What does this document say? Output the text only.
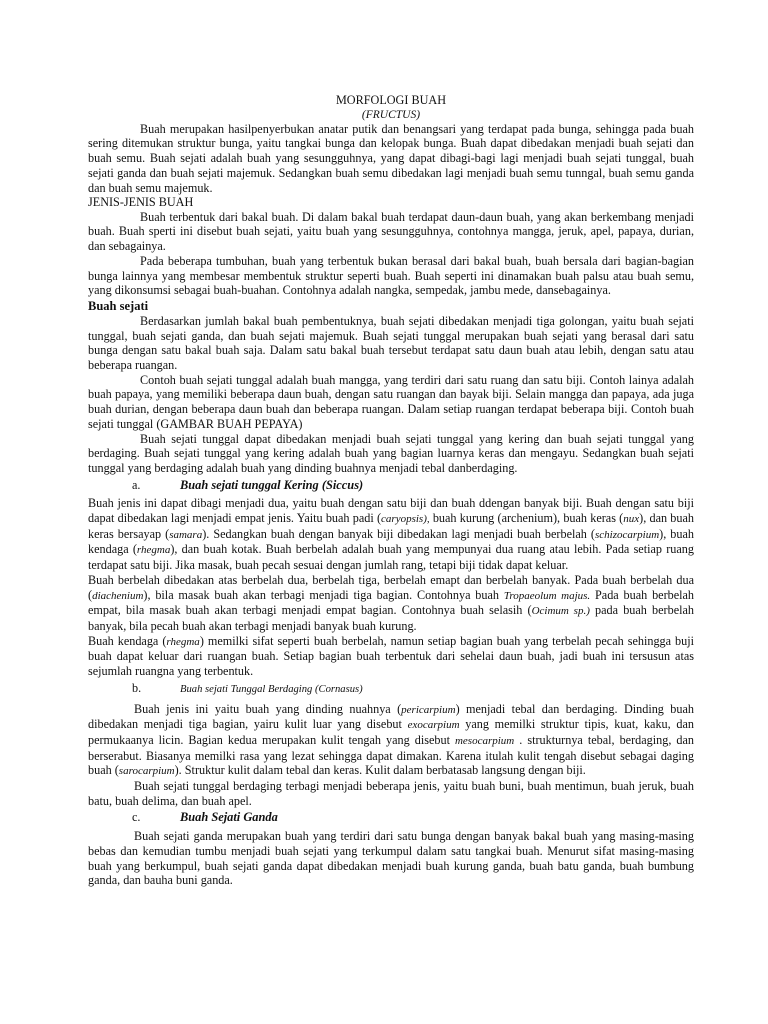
MORFOLOGI BUAH
(FRUCTUS)

Buah merupakan hasilpenyerbukan anatar putik dan benangsari yang terdapat pada bunga, sehingga pada buah sering ditemukan struktur bunga, yaitu tangkai bunga dan kelopak bunga. Buah dapat dibedakan menjadi buah sejati dan buah semu. Buah sejati adalah buah yang sesungguhnya, yang dapat dibagi-bagi lagi menjadi buah sejati tunggal, buah sejati ganda dan buah sejati majemuk. Sedangkan buah semu dibedakan lagi menjadi buah semu tunngal, buah semu ganda dan buah semu majemuk.

JENIS-JENIS BUAH

Buah terbentuk dari bakal buah. Di dalam bakal buah terdapat daun-daun buah, yang akan berkembang menjadi buah. Buah sperti ini disebut buah sejati, yaitu buah yang sesungguhnya, contohnya mangga, jeruk, apel, papaya, durian, dan sebagainya.

Pada beberapa tumbuhan, buah yang terbentuk bukan berasal dari bakal buah, buah bersala dari bagian-bagian bunga lainnya yang membesar membentuk struktur seperti buah. Buah seperti ini dinamakan buah palsu atau buah semu, yang dikonsumsi sebagai buah-buahan. Contohnya adalah nangka, sempedak, jambu mede, dansebagainya.

Buah sejati

Berdasarkan jumlah bakal buah pembentuknya, buah sejati dibedakan menjadi tiga golongan, yaitu buah sejati tunggal, buah sejati ganda, dan buah sejati majemuk. Buah sejati tunggal merupakan buah sejati yang berasal dari satu bunga dengan satu bakal buah saja. Dalam satu bakal buah tersebut terdapat satu daun buah atau lebih, dengan satu atau beberapa ruangan.

Contoh buah sejati tunggal adalah buah mangga, yang terdiri dari satu ruang dan satu biji. Contoh lainya adalah buah papaya, yang memiliki beberapa daun buah, dengan satu ruangan dan bayak biji. Selain mangga dan papaya, ada juga buah durian, dengan beberapa daun buah dan beberapa ruangan. Dalam setiap ruangan terdapat beberapa biji. Contoh buah sejati tunggal (GAMBAR BUAH PEPAYA)

Buah sejati tunggal dapat dibedakan menjadi buah sejati tunggal yang kering dan buah sejati tunggal yang berdaging. Buah sejati tunggal yang kering adalah buah yang bagian luarnya keras dan mengayu. Sedangkan buah sejati tunggal yang berdaging adalah buah yang dinding buahnya menjadi tebal danberdaging.

a.	Buah sejati tunggal Kering (Siccus)

Buah jenis ini dapat dibagi menjadi dua, yaitu buah dengan satu biji dan buah ddengan banyak biji. Buah dengan satu biji dapat dibedakan lagi menjadi empat jenis. Yaitu buah padi (caryopsis), buah kurung (archenium), buah keras (nux), dan buah keras bersayap (samara). Sedangkan buah dengan banyak biji dibedakan lagi menjadi buah berbelah (schizocarpium), buah kendaga (rhegma), dan buah kotak. Buah berbelah adalah buah yang mempunyai dua ruang atau lebih. Pada setiap ruang terdapat satu biji. Jika masak, buah pecah sesuai dengan jumlah rang, tetapi biji tidak dapat keluar.

Buah berbelah dibedakan atas berbelah dua, berbelah tiga, berbelah emapt dan berbelah banyak. Pada buah berbelah dua (diachenium), bila masak buah akan terbagi menjadi tiga bagian. Contohnya buah Tropaeolum majus. Pada buah berbelah empat, bila masak buah akan terbagi menjadi empat bagian. Contohnya buah selasih (Ocimum sp.) pada buah berbelah banyak, bila pecah buah akan terbagi menjadi banyak buah kurung.

Buah kendaga (rhegma) memilki sifat seperti buah berbelah, namun setiap bagian buah yang terbelah pecah sehingga buji buah dapat keluar dari ruangan buah. Setiap bagian buah terbentuk dari sehelai daun buah, jadi buah ini tersusun atas sejumlah ruangna yang terbentuk.

b.	Buah sejati Tunggal Berdaging (Cornasus)

Buah jenis ini yaitu buah yang dinding nuahnya (pericarpium) menjadi tebal dan berdaging. Dinding buah dibedakan menjadi tiga bagian, yairu kulit luar yang disebut exocarpium yang memilki struktur tipis, kuat, kaku, dan permukaanya licin. Bagian kedua merupakan kulit tengah yang disebut mesocarpium . strukturnya tebal, berdaging, dan berserabut. Biasanya memilki rasa yang lezat sehingga dapat dimakan. Karena itulah kulit tengah disebut sebagai daging buah (sarocarpium). Struktur kulit dalam tebal dan keras. Kulit dalam berbatasab langsung dengan biji.

Buah sejati tunggal berdaging terbagi menjadi beberapa jenis, yaitu buah buni, buah mentimun, buah jeruk, buah batu, buah delima, dan buah apel.

c.	Buah Sejati Ganda

Buah sejati ganda merupakan buah yang terdiri dari satu bunga dengan banyak bakal buah yang masing-masing bebas dan kemudian tumbu menjadi buah sejati yang terkumpul dalam satu tangkai buah. Menurut sifat masing-masing buah yang berkumpul, buah sejati ganda dapat dibedakan menjadi buah kurung ganda, buah batu ganda, buah bumbung ganda, dan bauha buni ganda.
